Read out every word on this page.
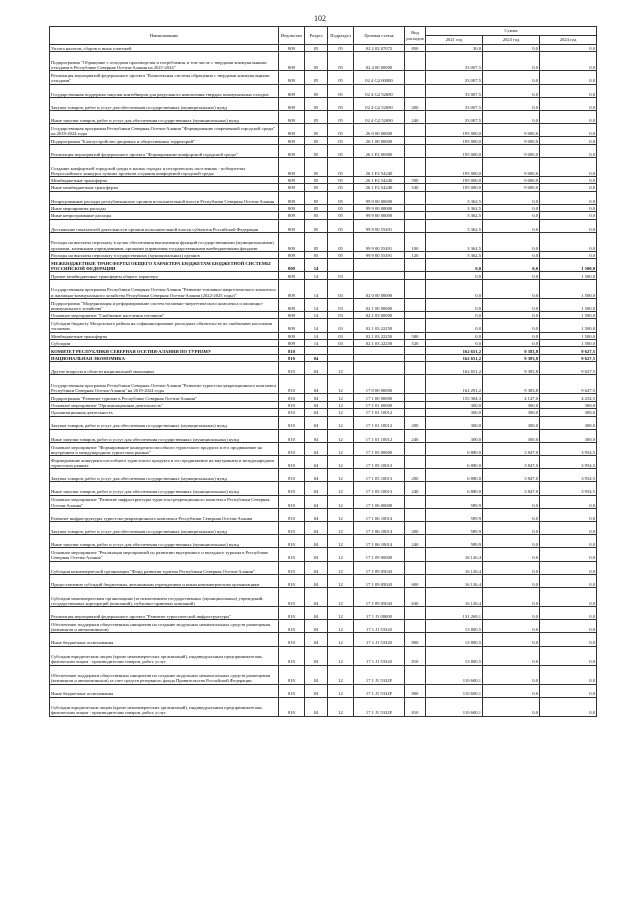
102
Наименование	Ведомство	Раздел	Подраздел	Целевая статья	Вид расходов	Сумма		
						2021 год	2023 год	2024 год
Уплата налогов, сборов и иных платежей	809	05	05	02 2 02 07072	850	30,0	0,0	0,0
Подпрограмма "Обращение с отходами производства и потребления, в том числе с твердыми коммунальными отходами в Республике Северная Осетия-Алания на 2021-2024"	809	05	05	02 4 00 00000		33 007,5	0,0	0,0
Реализация мероприятий федерального проекта "Комплексная система обращения с твердыми коммунальными отходами"	809	05	05	02 4 G2 00000		33 007,5	0,0	0,0
Государственная поддержка закупки контейнеров для раздельного накопления твердых коммунальных отходов	809	05	05	02 4 G2 52690		33 007,5	0,0	0,0
Закупка товаров, работ и услуг для обеспечения государственных (муниципальных) нужд	809	05	05	02 4 G2 52690	200	33 007,5	0,0	0,0
Иные закупки товаров, работ и услуг для обеспечения государственных (муниципальных) нужд	809	05	05	02 4 G2 52690	240	33 007,5	0,0	0,0
Государственная программа Республики Северная Осетия-Алания "Формирование современной городской среды" на 2018-2024 годы	809	05	05	26 0 00 00000		195 000,0	9 000,0	0,0
Подпрограмма "Благоустройство дворовых и общественных территорий"	809	05	05	26 1 00 00000		195 000,0	9 000,0	0,0
Реализация мероприятий федерального проекта "Формирование комфортной городской среды"	809	05	05	26 1 F2 00000		195 000,0	9 000,0	0,0
Создание комфортной городской среды в малых городах и исторических поселениях - победителях Всероссийского конкурса лучших проектов создания комфортной городской среды	809	05	05	26 1 F2 54240		195 000,0	9 000,0	0,0
Межбюджетные трансферты	809	05	05	26 1 F2 54240	500	195 000,0	9 000,0	0,0
Иные межбюджетные трансферты	809	05	05	26 1 F2 54240	540	195 000,0	9 000,0	0,0
Непрограммные расходы республиканских органов исполнительной власти Республики Северная Осетия-Алания	809	05	05	99 0 00 00000		3 362,5	0,0	0,0
Иные мероприятия расходы	809	05	05	99 9 00 00000		3 362,5	0,0	0,0
Иные непрограммные расходы	809	05	05	99 9 00 00000		3 362,5	0,0	0,0
Достижение показателей деятельности органов исполнительной власти субъектов Российской Федерации	809	05	05	99 9 00 55491		3 362,5	0,0	0,0
Расходы на выплаты персоналу в целях обеспечения выполнения функций государственными (муниципальными) органами, казенными учреждениями, органами управления государственными внебюджетными фондами	809	05	05	99 9 00 55491	100	3 362,5	0,0	0,0
Расходы на выплаты персоналу государственных (муниципальных) органов	809	05	05	99 9 00 55491	120	3 362,5	0,0	0,0
МЕЖБЮДЖЕТНЫЕ ТРАНСФЕРТЫ ОБЩЕГО ХАРАКТЕРА БЮДЖЕТАМ БЮДЖЕТНОЙ СИСТЕМЫ РОССИЙСКОЙ ФЕДЕРАЦИИ	809	14				0,0	0,0	1 500,0
Прочие межбюджетные трансферты общего характера	809	14	03			0,0	0,0	1 500,0
Государственная программа Республики Северная Осетия-Алания "Развитие топливно-энергетического комплекса и жилищно-коммунального хозяйства Республики Северная Осетия-Алания (2022-2025 годы)"	809	14	03	02 0 00 00000		0,0	0,0	1 500,0
Подпрограмма "Модернизация и реформирование систем топливно-энергетического комплекса и жилищно-коммунального хозяйства"	809	14	03	02 1 00 00000		0,0	0,0	1 500,0
Основное мероприятие "Снабжение населения топливом"	809	14	03	02 1 03 00000		0,0	0,0	1 500,0
Субсидии бюджету Моздокского района на софинансирование расходных обязательств по снабжению населения топливом	809	14	03	02 1 03 22250		0,0	0,0	1 500,0
Межбюджетные трансферты	809	14	03	02 1 03 22250	500	0,0	0,0	1 500,0
Субсидии	809	14	03	02 1 03 22250	520	0,0	0,0	1 500,0
КОМИТЕТ РЕСПУБЛИКИ СЕВЕРНАЯ ОСЕТИЯ-АЛАНИЯ ПО ТУРИЗМУ	810					162 651,2	9 383,8	9 627,5
НАЦИОНАЛЬНАЯ ЭКОНОМИКА	810	04				162 651,2	9 383,8	9 627,5
Другие вопросы в области национальной экономики	810	04	12			162 651,2	9 383,8	9 627,5
Государственная программа Республики Северная Осетия-Алания "Развитие туристско-рекреационного комплекса Республики Северная Осетия-Алания" на 2019-2024 годы	810	04	12	17 0 00 00000		162 291,2	9 383,8	9 627,5
Подпрограмма "Развитие туризма в Республике Северная Осетия-Алания"	810	04	12	17 1 00 00000		155 304,3	4 147,0	4 254,5
Основное мероприятие "Организационная деятельность"	810	04	12	17 1 01 00000		300,0	300,0	300,0
Организационная деятельность	810	04	12	17 1 01 10012		300,0	300,0	300,0
Закупка товаров, работ и услуг для обеспечения государственных (муниципальных) нужд	810	04	12	17 1 01 10012	200	300,0	300,0	300,0
Иные закупки товаров, работ и услуг для обеспечения государственных (муниципальных) нужд	810	04	12	17 1 01 10012	240	300,0	300,0	300,0
Основное мероприятие "Формирование конкурентоспособного туристского продукта и его продвижение на внутреннем и международном туристских рынках"	810	04	12	17 1 05 00000		6 880,0	3 847,0	3 954,5
Формирование конкурентоспособного туристского продукта и его продвижение на внутреннем и международном туристских рынках	810	04	12	17 1 05 10013		6 880,0	3 847,0	3 954,5
Закупка товаров, работ и услуг для обеспечения государственных (муниципальных) нужд	810	04	12	17 1 05 10013	200	6 880,0	3 847,0	3 954,5
Иные закупки товаров, работ и услуг для обеспечения государственных (муниципальных) нужд	810	04	12	17 1 05 10013	240	6 880,0	3 847,0	3 954,5
Основное мероприятие "Развитие инфраструктуры туристско-рекреационного комплекса Республики Северная Осетия-Алания"	810	04	12	17 1 06 00000		589,9	0,0	0,0
Развитие инфраструктуры туристско-рекреационного комплекса Республики Северная Осетия-Алания	810	04	12	17 1 06 10014		589,9	0,0	0,0
Закупка товаров, работ и услуг для обеспечения государственных (муниципальных) нужд	810	04	12	17 1 06 10014	200	589,9	0,0	0,0
Иные закупки товаров, работ и услуг для обеспечения государственных (муниципальных) нужд	810	04	12	17 1 06 10014	240	589,9	0,0	0,0
Основное мероприятие "Реализация мероприятий по развитию внутреннего и въездного туризма в Республике Северная Осетия-Алания"	810	04	12	17 1 09 00000		16 126,4	0,0	0,0
Субсидия некоммерческой организации "Фонд развития туризма Республики Северная Осетия-Алания"	810	04	12	17 1 09 05043		16 126,4	0,0	0,0
Предоставление субсидий бюджетным, автономным учреждениям и иным некоммерческим организациям	810	04	12	17 1 09 05043	600	16 126,4	0,0	0,0
Субсидии некоммерческим организациям (за исключением государственных (муниципальных) учреждений, государственных корпораций (компаний), публично-правовых компаний)	810	04	12	17 1 09 05043	630	16 126,4	0,0	0,0
Реализация мероприятий федерального проекта "Развитие туристической инфраструктуры"	810	04	12	17 1 J1 00000		131 269,1	0,0	0,0
Обеспечение поддержки общественных инициатив на создание модульных некапитальных средств размещения (кемпингов и автокемпингов)	810	04	12	17 1 J1 53320		13 800,5	0,0	0,0
Иные бюджетные ассигнования	810	04	12	17 1 J1 53320	800	13 800,5	0,0	0,0
Субсидии юридическим лицам (кроме некоммерческих организаций), индивидуальным предпринимателям, физическим лицам - производителям товаров, работ, услуг	810	04	12	17 1 J1 53320	810	13 800,5	0,0	0,0
Обеспечение поддержки общественных инициатив на создание модульных некапитальных средств размещения (кемпингов и автокемпингов) за счет средств резервного фонда Правительства Российской Федерации	810	04	12	17 1 J1 5332F		110 600,1	0,0	0,0
Иные бюджетные ассигнования	810	04	12	17 1 J1 5332F	800	110 600,1	0,0	0,0
Субсидии юридическим лицам (кроме некоммерческих организаций), индивидуальным предпринимателям, физическим лицам - производителям товаров, работ, услуг	810	04	12	17 1 J1 5332F	810	110 600,1	0,0	0,0
